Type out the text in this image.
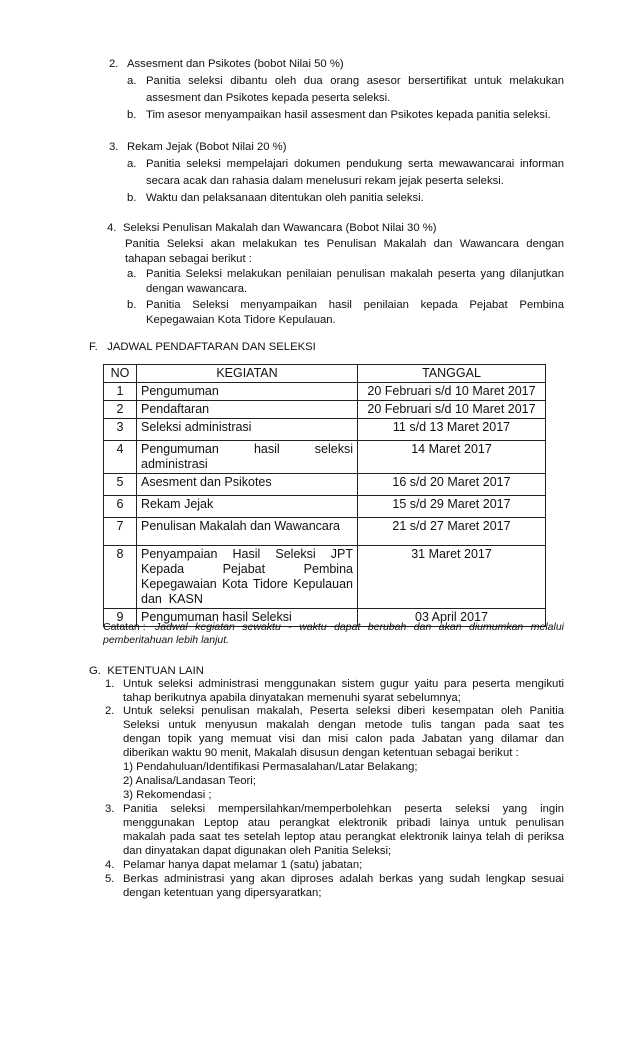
2. Assesment dan Psikotes (bobot Nilai 50 %)
a. Panitia seleksi dibantu oleh dua orang asesor bersertifikat untuk melakukan
assesment dan Psikotes kepada peserta seleksi.
b. Tim asesor menyampaikan hasil assesment dan Psikotes kepada panitia seleksi.
3. Rekam Jejak (Bobot Nilai 20 %)
a. Panitia seleksi mempelajari dokumen pendukung serta mewawancarai informan
secara acak dan rahasia dalam menelusuri rekam jejak peserta seleksi.
b. Waktu dan pelaksanaan ditentukan oleh panitia seleksi.
4. Seleksi Penulisan Makalah dan Wawancara (Bobot Nilai 30 %)
Panitia Seleksi akan melakukan tes Penulisan Makalah dan Wawancara dengan
tahapan sebagai berikut :
a. Panitia Seleksi melakukan penilaian penulisan makalah peserta yang dilanjutkan
dengan wawancara.
b. Panitia Seleksi menyampaikan hasil penilaian kepada Pejabat Pembina
Kepegawaian Kota Tidore Kepulauan.
F.   JADWAL PENDAFTARAN DAN SELEKSI
NO	KEGIATAN	TANGGAL
1	Pengumuman	20 Februari s/d 10 Maret 2017
2	Pendaftaran	20 Februari s/d 10 Maret 2017
3	Seleksi administrasi	11 s/d 13 Maret 2017
4	Pengumuman hasil seleksi
administrasi	14 Maret 2017
5	Asesment dan Psikotes	16 s/d 20 Maret 2017
6	Rekam Jejak	15 s/d 29 Maret 2017
7	Penulisan Makalah dan Wawancara	21 s/d 27 Maret 2017
8	Penyampaian Hasil Seleksi JPT
Kepada Pejabat Pembina
Kepegawaian Kota Tidore Kepulauan
dan  KASN	31 Maret 2017
9	Pengumuman hasil Seleksi	03 April 2017
Catatan : Jadwal kegiatan sewaktu - waktu dapat berubah dan akan diumumkan melalui
pemberitahuan lebih lanjut.
G.  KETENTUAN LAIN
1. Untuk seleksi administrasi menggunakan sistem gugur yaitu para peserta mengikuti
tahap berikutnya apabila dinyatakan memenuhi syarat sebelumnya;
2. Untuk seleksi penulisan makalah, Peserta seleksi diberi kesempatan oleh Panitia
Seleksi untuk menyusun makalah dengan metode tulis tangan pada saat tes
dengan topik yang memuat visi dan misi calon pada Jabatan yang dilamar dan
diberikan waktu 90 menit, Makalah disusun dengan ketentuan sebagai berikut :
1) Pendahuluan/Identifikasi Permasalahan/Latar Belakang;
2) Analisa/Landasan Teori;
3) Rekomendasi ;
3. Panitia seleksi mempersilahkan/memperbolehkan peserta seleksi yang ingin
menggunakan Leptop atau perangkat elektronik pribadi lainya untuk penulisan
makalah pada saat tes setelah leptop atau perangkat elektronik lainya telah di periksa
dan dinyatakan dapat digunakan oleh Panitia Seleksi;
4. Pelamar hanya dapat melamar 1 (satu) jabatan;
5. Berkas administrasi yang akan diproses adalah berkas yang sudah lengkap sesuai
dengan ketentuan yang dipersyaratkan;
